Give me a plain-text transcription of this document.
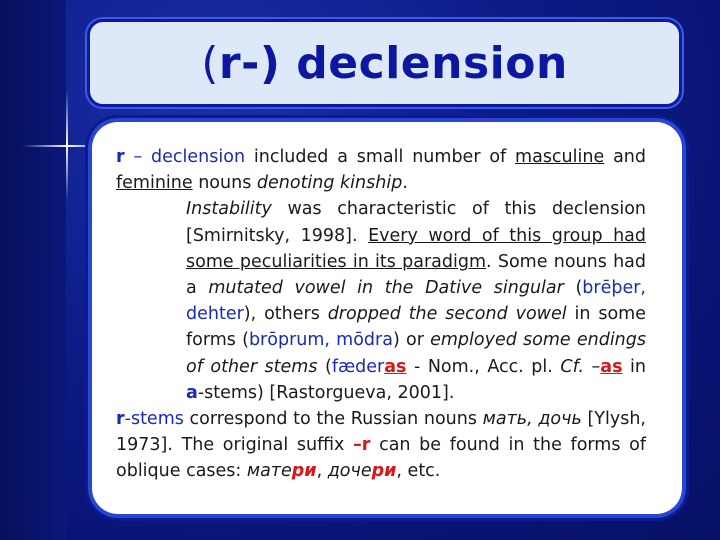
(r-) declension

r – declension included a small number of masculine and feminine nouns denoting kinship.

Instability was characteristic of this declension [Smirnitsky, 1998]. Every word of this group had some peculiarities in its paradigm. Some nouns had a mutated vowel in the Dative singular (brēþer, dehter), others dropped the second vowel in some forms (brōprum, mōdra) or employed some endings of other stems (fæderas - Nom., Acc. pl. Cf. –as in a-stems) [Rastorgueva, 2001].

r-stems correspond to the Russian nouns мать, дочь [Ylysh, 1973]. The original suffix –r can be found in the forms of oblique cases: матери, дочери, etc.
